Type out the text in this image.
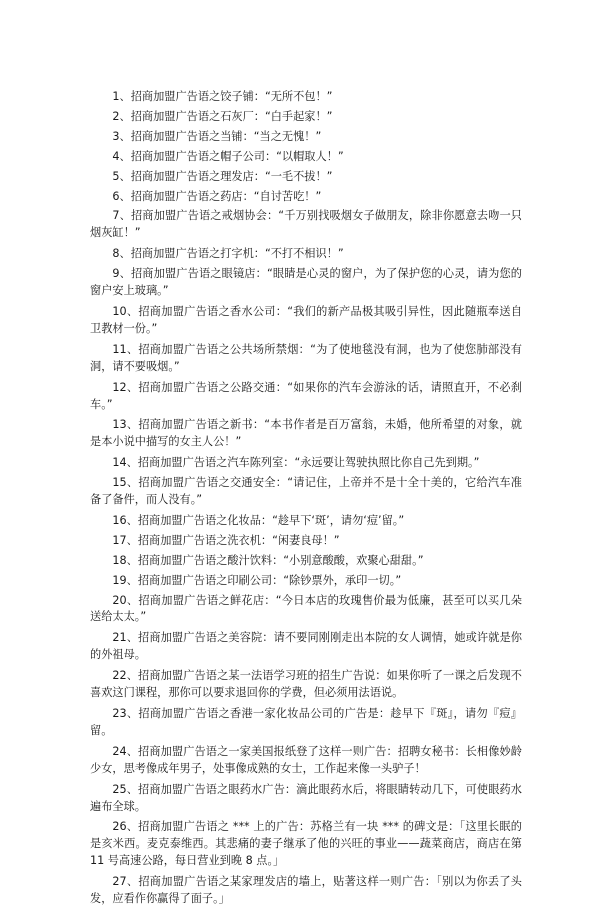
1、招商加盟广告语之饺子铺：“无所不包！”

2、招商加盟广告语之石灰厂：“白手起家！”

3、招商加盟广告语之当铺：“当之无愧！”

4、招商加盟广告语之帽子公司：“以帽取人！”

5、招商加盟广告语之理发店：“一毛不拔！”

6、招商加盟广告语之药店：“自讨苦吃！”

7、招商加盟广告语之戒烟协会：“千万别找吸烟女子做朋友，除非你愿意去吻一只烟灰缸！”

8、招商加盟广告语之打字机：“不打不相识！”

9、招商加盟广告语之眼镜店：“眼睛是心灵的窗户，为了保护您的心灵，请为您的窗户安上玻璃。”

10、招商加盟广告语之香水公司：“我们的新产品极其吸引异性，因此随瓶奉送自卫教材一份。”

11、招商加盟广告语之公共场所禁烟：“为了使地毯没有洞，也为了使您肺部没有洞，请不要吸烟。”

12、招商加盟广告语之公路交通：“如果你的汽车会游泳的话，请照直开，不必刹车。”

13、招商加盟广告语之新书：“本书作者是百万富翁，未婚，他所希望的对象，就是本小说中描写的女主人公！”

14、招商加盟广告语之汽车陈列室：“永远要让驾驶执照比你自己先到期。”

15、招商加盟广告语之交通安全：“请记住，上帝并不是十全十美的，它给汽车准备了备件，而人没有。”

16、招商加盟广告语之化妆品：“趁早下‘斑’，请勿‘痘’留。”

17、招商加盟广告语之洗衣机：“闲妻良母！”

18、招商加盟广告语之酸汁饮料：“小别意酸酸，欢聚心甜甜。”

19、招商加盟广告语之印刷公司：“除钞票外，承印一切。”

20、招商加盟广告语之鲜花店：“今日本店的玫瑰售价最为低廉，甚至可以买几朵送给太太。”

21、招商加盟广告语之美容院：请不要同刚刚走出本院的女人调情，她或许就是你的外祖母。

22、招商加盟广告语之某一法语学习班的招生广告说：如果你听了一课之后发现不喜欢这门课程，那你可以要求退回你的学费，但必须用法语说。

23、招商加盟广告语之香港一家化妆品公司的广告是：趁早下『斑』，请勿『痘』留。

24、招商加盟广告语之一家美国报纸登了这样一则广告：招聘女秘书：长相像妙龄少女，思考像成年男子，处事像成熟的女士，工作起来像一头驴子！

25、招商加盟广告语之眼药水广告：滴此眼药水后，将眼睛转动几下，可使眼药水遍布全球。

26、招商加盟广告语之 *** 上的广告：苏格兰有一块 *** 的碑文是：「这里长眠的是亥米西。麦克泰维西。其悲痛的妻子继承了他的兴旺的事业——蔬菜商店，商店在第 11 号高速公路，每日营业到晚 8 点。」

27、招商加盟广告语之某家理发店的墙上，贴著这样一则广告：「别以为你丢了头发，应看作你赢得了面子。」
